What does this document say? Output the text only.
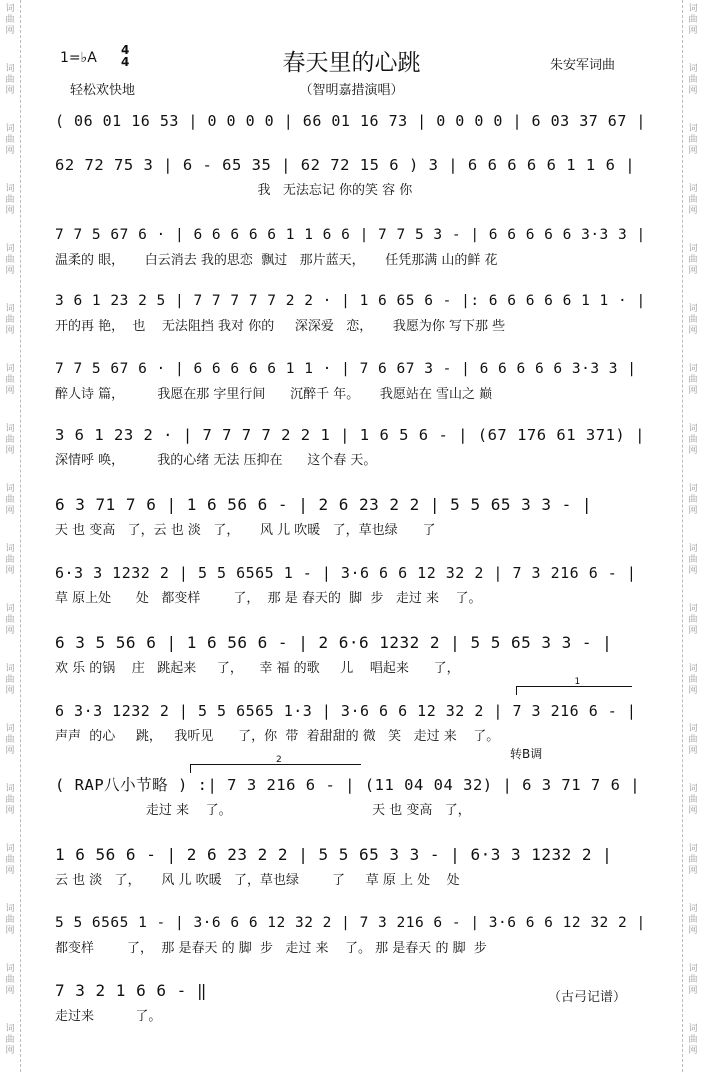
词
曲
网
词
曲
网
词
曲
网
词
曲
网
词
曲
网
词
曲
网
词
曲
网
词
曲
网
词
曲
网
词
曲
网
词
曲
网
词
曲
网
词
曲
网
词
曲
网
词
曲
网
词
曲
网
词
曲
网
词
曲
网
词
曲
网
词
曲
网
词
曲
网
词
曲
网
词
曲
网
词
曲
网
词
曲
网
词
曲
网
词
曲
网
词
曲
网
词
曲
网
词
曲
网
词
曲
网
词
曲
网
词
曲
网
词
曲
网
词
曲
网
词
曲
网
1=♭A 4
4	春天里的心跳	朱安军词曲
轻松欢快地	（智明嘉措演唱）
( 06 01 16 53 | 0 0 0 0 | 66 01 16 73 | 0 0 0 0 | 6 03 37 67 |
62 72 75 3 | 6 - 65 35 | 62 72 15 6 ) 3 | 6 6 6 6 6 1 1 6 |
我   无法忘记 你的笑 容 你
7 7 5 67 6 · | 6 6 6 6 6 1 1 6 6 | 7 7 5 3 - | 6 6 6 6 6 3·3 3 |
温柔的 眼，     白云消去 我的思恋  飘过   那片蓝天，     任凭那满 山的鲜 花
3 6 1 23 2 5 | 7 7 7 7 7 2 2 · | 1 6 65 6 - |: 6 6 6 6 6 1 1 · |
开的再 艳，  也    无法阻挡 我对 你的     深深爱   恋，     我愿为你 写下那 些
7 7 5 67 6 · | 6 6 6 6 6 1 1 · | 7 6 67 3 - | 6 6 6 6 6 3·3 3 |
醉人诗 篇，        我愿在那 字里行间      沉醉千 年。     我愿站在 雪山之 巅
3 6 1 23 2 · | 7 7 7 7 2 2 1 | 1 6 5 6 - | (67 176 61 371) |
深情呼 唤，        我的心绪 无法 压抑在      这个春 天。
6 3 71 7 6 | 1 6 56 6 - | 2 6 23 2 2 | 5 5 65 3 3 - |
天 也 变高   了，云 也 淡   了，     风 儿 吹暖   了，草也绿      了
6·3 3 1232 2 | 5 5 6565 1 - | 3·6 6 6 12 32 2 | 7 3 216 6 - |
草 原上处      处   都变样        了，  那 是 春天的  脚  步   走过 来    了。
6 3 5 56 6 | 1 6 56 6 - | 2 6·6 1232 2 | 5 5 65 3 3 - |
欢 乐 的锅    庄   跳起来     了，    幸 福 的歌     儿    唱起来      了，
6 3·3 1232 2 | 5 5 6565 1·3 | 3·6 6 6 12 32 2 | 7 3 216 6 - |
声声  的心     跳，   我听见      了，你  带  着甜甜的 微   笑   走过 来    了。
( RAP八小节略 ) :| 7 3 216 6 - | (11 04 04 32) | 6 3 71 7 6 |
走过 来    了。                                  天 也 变高   了，
1 6 56 6 - | 2 6 23 2 2 | 5 5 65 3 3 - | 6·3 3 1232 2 |
云 也 淡   了，     风 儿 吹暖   了，草也绿        了     草 原 上 处    处
5 5 6565 1 - | 3·6 6 6 12 32 2 | 7 3 216 6 - | 3·6 6 6 12 32 2 |
都变样        了，  那 是春天 的 脚  步   走过 来    了。 那 是春天 的 脚  步
7 3 2 1 6 6 - ‖
走过来          了。
1
2	转B调
（古弓记谱）
